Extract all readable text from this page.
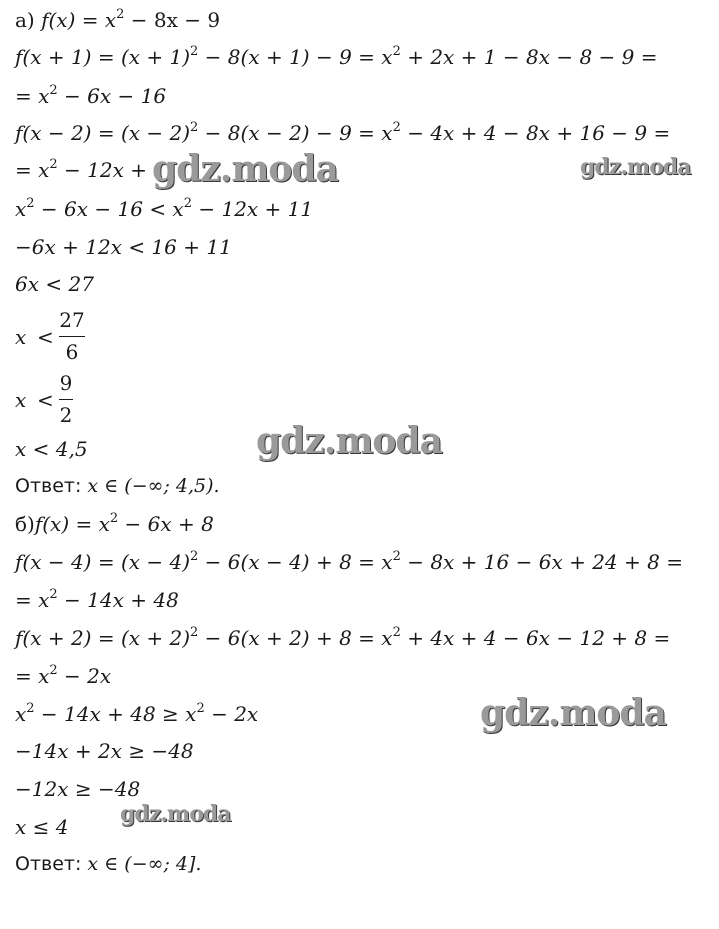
а) $f(x) = x^2 - 8x - 9$
$f(x + 1) = (x + 1)^2 - 8(x + 1) - 9 = x^2 + 2x + 1 - 8x - 8 - 9$ =
= $x^2 - 6x - 16$
$f(x - 2) = (x - 2)^2 - 8(x - 2) - 9 = x^2 - 4x + 4 - 8x + 16 - 9$ =
= $x^2 - 12x + 11$
$x^2 - 6x - 16 < x^2 - 12x + 11$
−6x + 12x < 16 + 11
6x < 27
x <
27
6
x <
9
2
x < 4,5
Ответ: x ∈ (−∞; 4,5).
$б)f(x) = x^2 - 6x + 8$
$f(x - 4) = (x - 4)^2 - 6(x - 4) + 8 = x^2 - 8x + 16 - 6x + 24 + 8$ =
= $x^2 - 14x + 48$
$f(x + 2) = (x + 2)^2 - 6(x + 2) + 8 = x^2 + 4x + 4 - 6x - 12 + 8$ =
= $x^2 - 2x$
$x^2 - 14x + 48 \ge x^2 - 2x$
−14x + 2x ≥ −48
−12x ≥ −48
x ≤ 4
Ответ: x ∈ (−∞; 4].
gdz.moda	gdz.moda
gdz.moda
gdz.moda
gdz.moda
